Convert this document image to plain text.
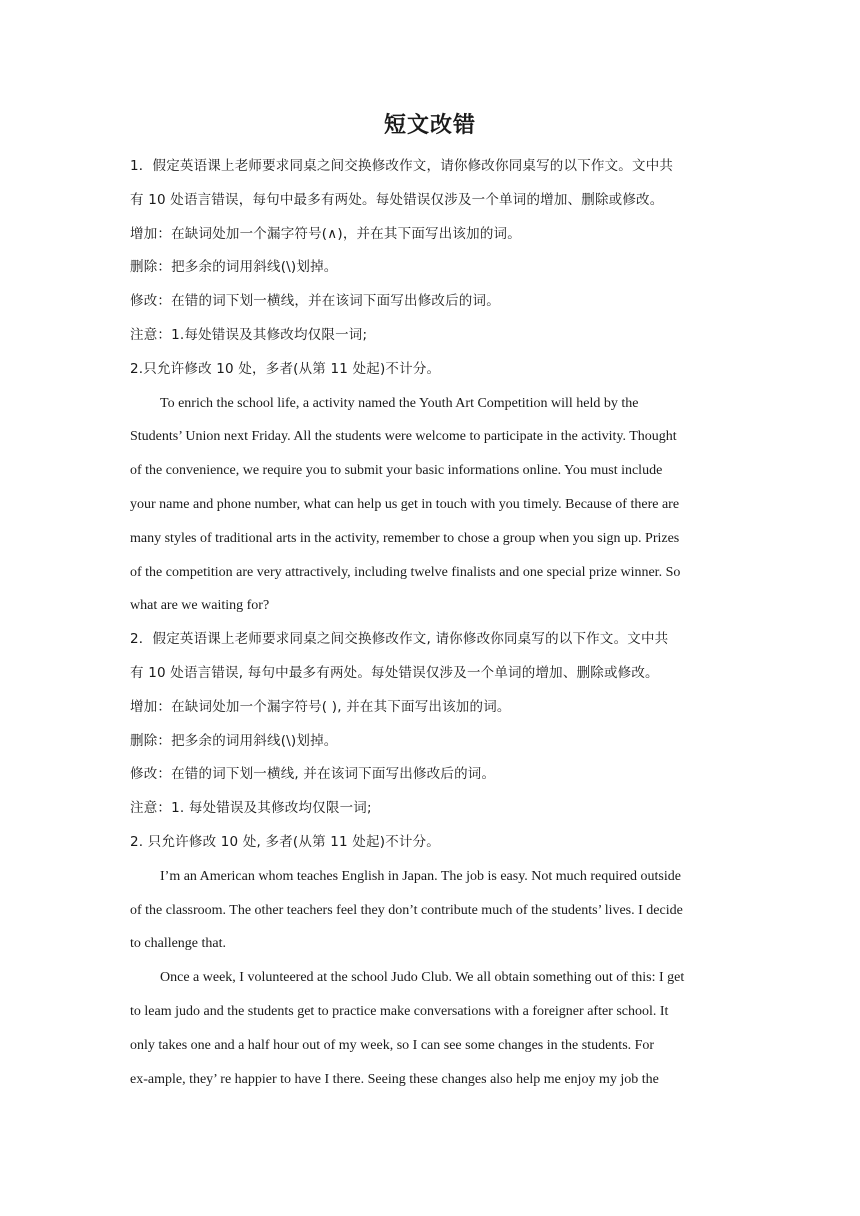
短文改错
1．假定英语课上老师要求同桌之间交换修改作文，请你修改你同桌写的以下作文。文中共
有 10 处语言错误，每句中最多有两处。每处错误仅涉及一个单词的增加、删除或修改。
增加：在缺词处加一个漏字符号(∧)，并在其下面写出该加的词。
删除：把多余的词用斜线(\)划掉。
修改：在错的词下划一横线，并在该词下面写出修改后的词。
注意：1.每处错误及其修改均仅限一词;
2.只允许修改 10 处，多者(从第 11 处起)不计分。
To enrich the school life, a activity named the Youth Art Competition will held by the
Students’ Union next Friday. All the students were welcome to participate in the activity. Thought
of the convenience, we require you to submit your basic informations online. You must include
your name and phone number, what can help us get in touch with you timely. Because of there are
many styles of traditional arts in the activity, remember to chose a group when you sign up. Prizes
of the competition are very attractively, including twelve finalists and one special prize winner. So
what are we waiting for?
2．假定英语课上老师要求同桌之间交换修改作文, 请你修改你同桌写的以下作文。文中共
有 10 处语言错误, 每句中最多有两处。每处错误仅涉及一个单词的增加、删除或修改。
增加：在缺词处加一个漏字符号( ), 并在其下面写出该加的词。
删除：把多余的词用斜线(\)划掉。
修改：在错的词下划一横线, 并在该词下面写出修改后的词。
注意：1. 每处错误及其修改均仅限一词;
2. 只允许修改 10 处, 多者(从第 11 处起)不计分。
I’m an American whom teaches English in Japan. The job is easy. Not much required outside
of the classroom. The other teachers feel they don’t contribute much of the students’ lives. I decide
to challenge that.
Once a week, I volunteered at the school Judo Club. We all obtain something out of this: I get
to leam judo and the students get to practice make conversations with a foreigner after school. It
only takes one and a half hour out of my week, so I can see some changes in the students. For
ex-ample, they’ re happier to have I there. Seeing these changes also help me enjoy my job the
